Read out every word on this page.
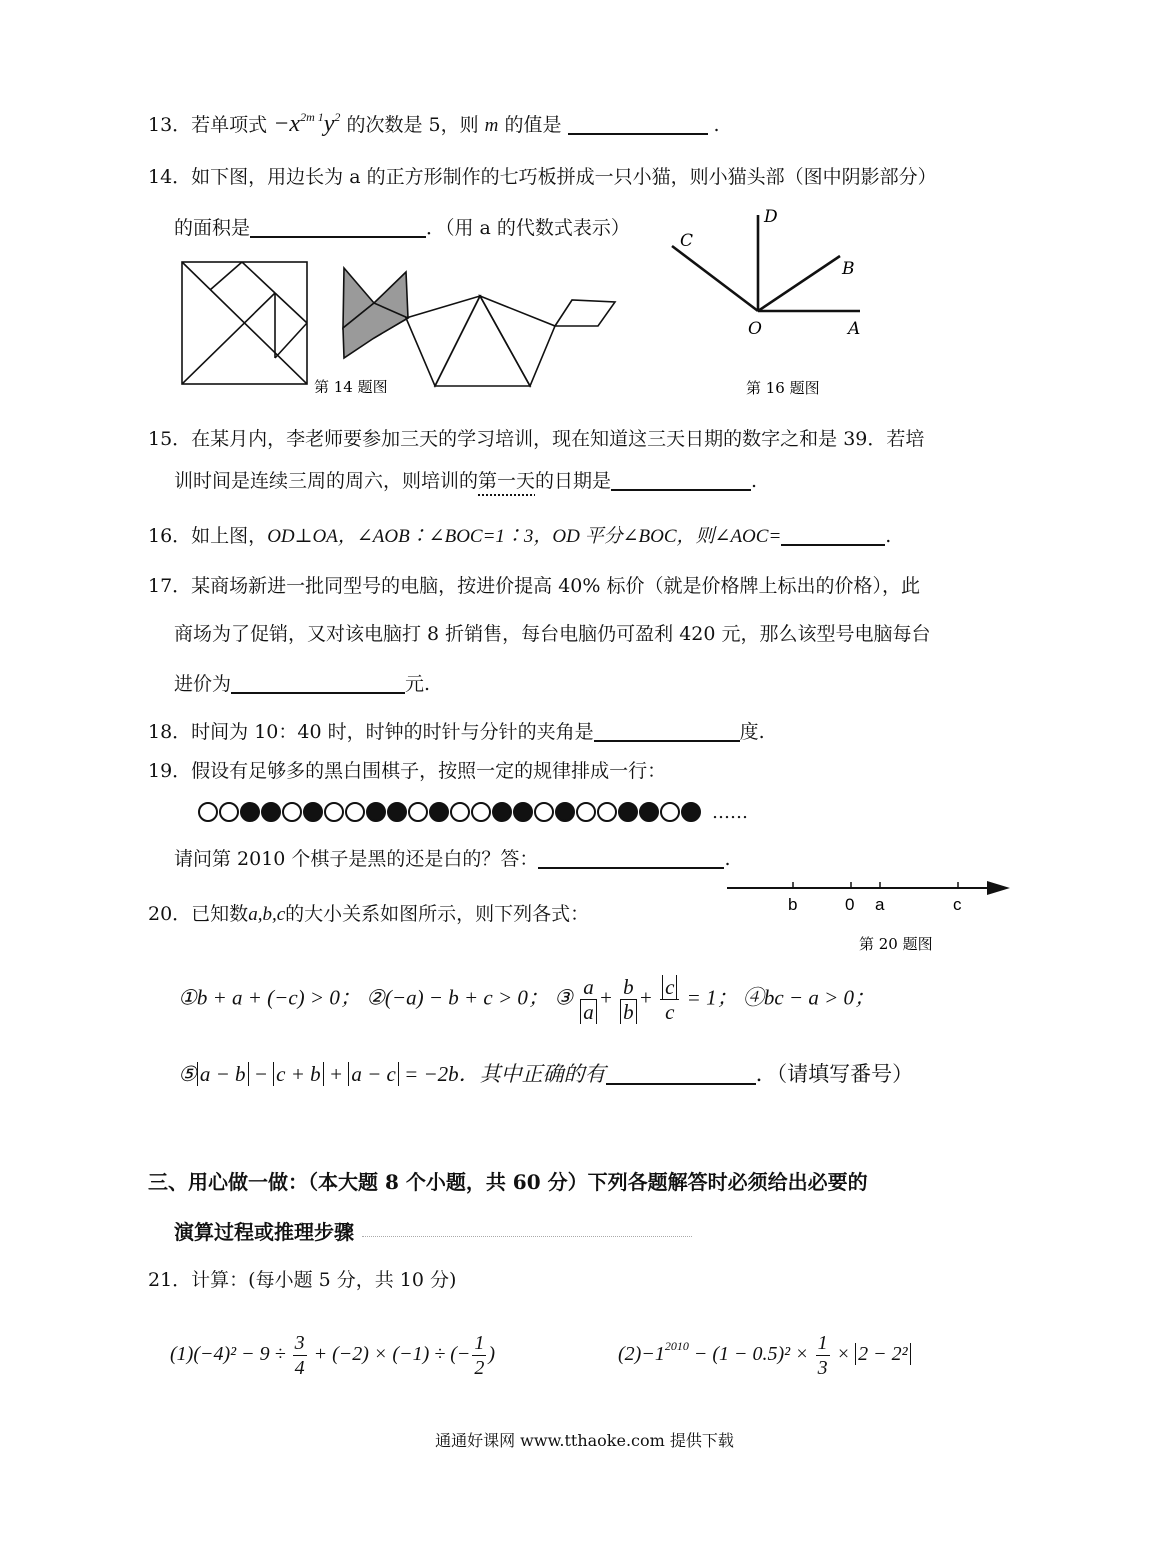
13．若单项式 $-x^{2m 1}y^2$ 的次数是 5，则 m 的值是	.
14．如下图，用边长为 a 的正方形制作的七巧板拼成一只小猫，则小猫头部（图中阴影部分）
的面积是	．（用 a 的代数式表示）
第 14 题图
D
C
B
O	A
第 16 题图
15．在某月内，李老师要参加三天的学习培训，现在知道这三天日期的数字之和是 39．若培
训时间是连续三周的周六，则培训的第一天的日期是	.
16．如上图，OD⊥OA，∠AOB∶∠BOC=1∶3，OD 平分∠BOC，则∠AOC=	.
17．某商场新进一批同型号的电脑，按进价提高 40% 标价（就是价格牌上标出的价格），此
商场为了促销，又对该电脑打 8 折销售，每台电脑仍可盈利 420 元，那么该型号电脑每台
进价为	元.
18．时间为 10：40 时，时钟的时针与分针的夹角是	度.
19．假设有足够多的黑白围棋子，按照一定的规律排成一行：
……
请问第 2010 个棋子是黑的还是白的？答：	.
20．已知数a,b,c的大小关系如图所示，则下列各式：	b	0 a	c
第 20 题图
①b + a + (−c) > 0； ②(−a) − b + c > 0； ③ $\frac{a}{a} + \frac{b}{b} + \frac{c}{c} = 1$； ④bc − a > 0；
⑤ a − b − c + b + a − c = −2b．其中正确的有	．（请填写番号）
三、用心做一做：（本大题 8 个小题，共 60 分）下列各题解答时必须给出必要的
演算过程或推理步骤
21．计算：(每小题 5 分，共 10 分)
$(1)(-4)^2 - 9 \div \frac{3}{4} + (-2) \times (-1)$ ÷ (− $\frac{1}{2}$ )	$(2)-1^{2010} - (1 - 0.5)^2 \times \frac{1}{3} \times 2 - 2^2$
通通好课网 www.tthaoke.com 提供下载
